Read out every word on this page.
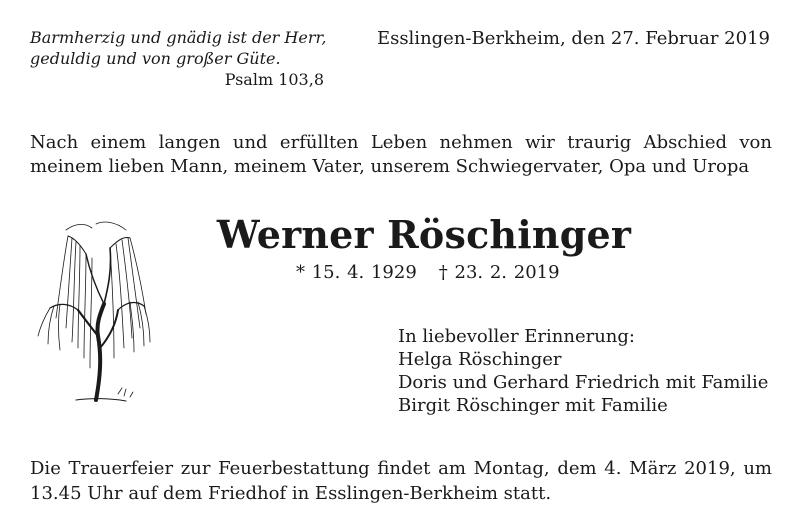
Barmherzig und gnädig ist der Herr,
geduldig und von großer Güte.
Psalm 103,8
Esslingen-Berkheim, den 27. Februar 2019
Nach einem langen und erfüllten Leben nehmen wir traurig Abschied von
meinem lieben Mann, meinem Vater, unserem Schwiegervater, Opa und Uropa
Werner Röschinger
* 15. 4. 1929 † 23. 2. 2019
In liebevoller Erinnerung:
Helga Röschinger
Doris und Gerhard Friedrich mit Familie
Birgit Röschinger mit Familie
Die Trauerfeier zur Feuerbestattung findet am Montag, dem 4. März 2019, um
13.45 Uhr auf dem Friedhof in Esslingen-Berkheim statt.
